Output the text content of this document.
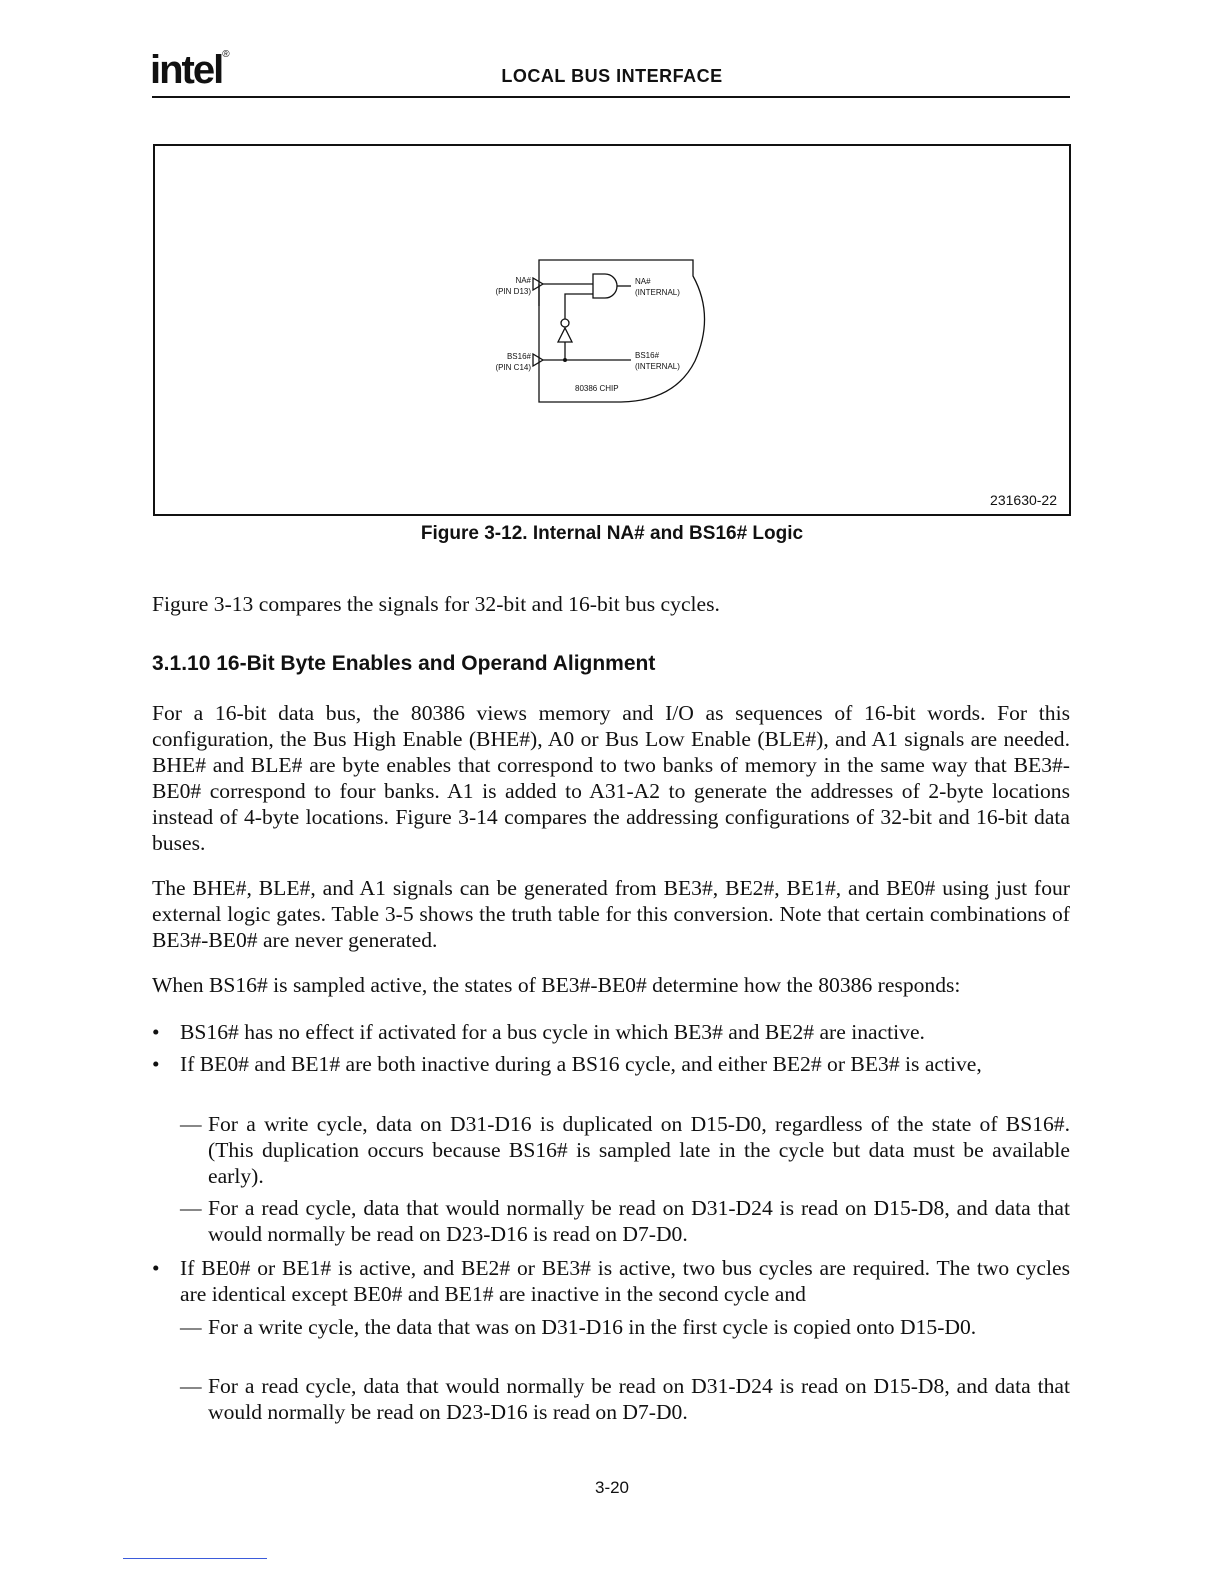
intel®
LOCAL BUS INTERFACE
NA#
(PIN D13)
BS16#
(PIN C14)
NA#
(INTERNAL)
BS16#
(INTERNAL)
80386 CHIP
231630-22
Figure 3-12. Internal NA# and BS16# Logic
Figure 3-13 compares the signals for 32-bit and 16-bit bus cycles.
3.1.10 16-Bit Byte Enables and Operand Alignment
For a 16-bit data bus, the 80386 views memory and I/O as sequences of 16-bit words. For this configuration, the Bus High Enable (BHE#), A0 or Bus Low Enable (BLE#), and A1 signals are needed. BHE# and BLE# are byte enables that correspond to two banks of memory in the same way that BE3#-BE0# correspond to four banks. A1 is added to A31-A2 to generate the addresses of 2-byte locations instead of 4-byte locations. Figure 3-14 compares the addressing configurations of 32-bit and 16-bit data buses.
The BHE#, BLE#, and A1 signals can be generated from BE3#, BE2#, BE1#, and BE0# using just four external logic gates. Table 3-5 shows the truth table for this conversion. Note that certain combinations of BE3#-BE0# are never generated.
When BS16# is sampled active, the states of BE3#-BE0# determine how the 80386 responds:
• BS16# has no effect if activated for a bus cycle in which BE3# and BE2# are inactive.
• If BE0# and BE1# are both inactive during a BS16 cycle, and either BE2# or BE3# is active,
— For a write cycle, data on D31-D16 is duplicated on D15-D0, regardless of the state of BS16#. (This duplication occurs because BS16# is sampled late in the cycle but data must be available early).
— For a read cycle, data that would normally be read on D31-D24 is read on D15-D8, and data that would normally be read on D23-D16 is read on D7-D0.
• If BE0# or BE1# is active, and BE2# or BE3# is active, two bus cycles are required. The two cycles are identical except BE0# and BE1# are inactive in the second cycle and
— For a write cycle, the data that was on D31-D16 in the first cycle is copied onto D15-D0.
— For a read cycle, data that would normally be read on D31-D24 is read on D15-D8, and data that would normally be read on D23-D16 is read on D7-D0.
3-20
